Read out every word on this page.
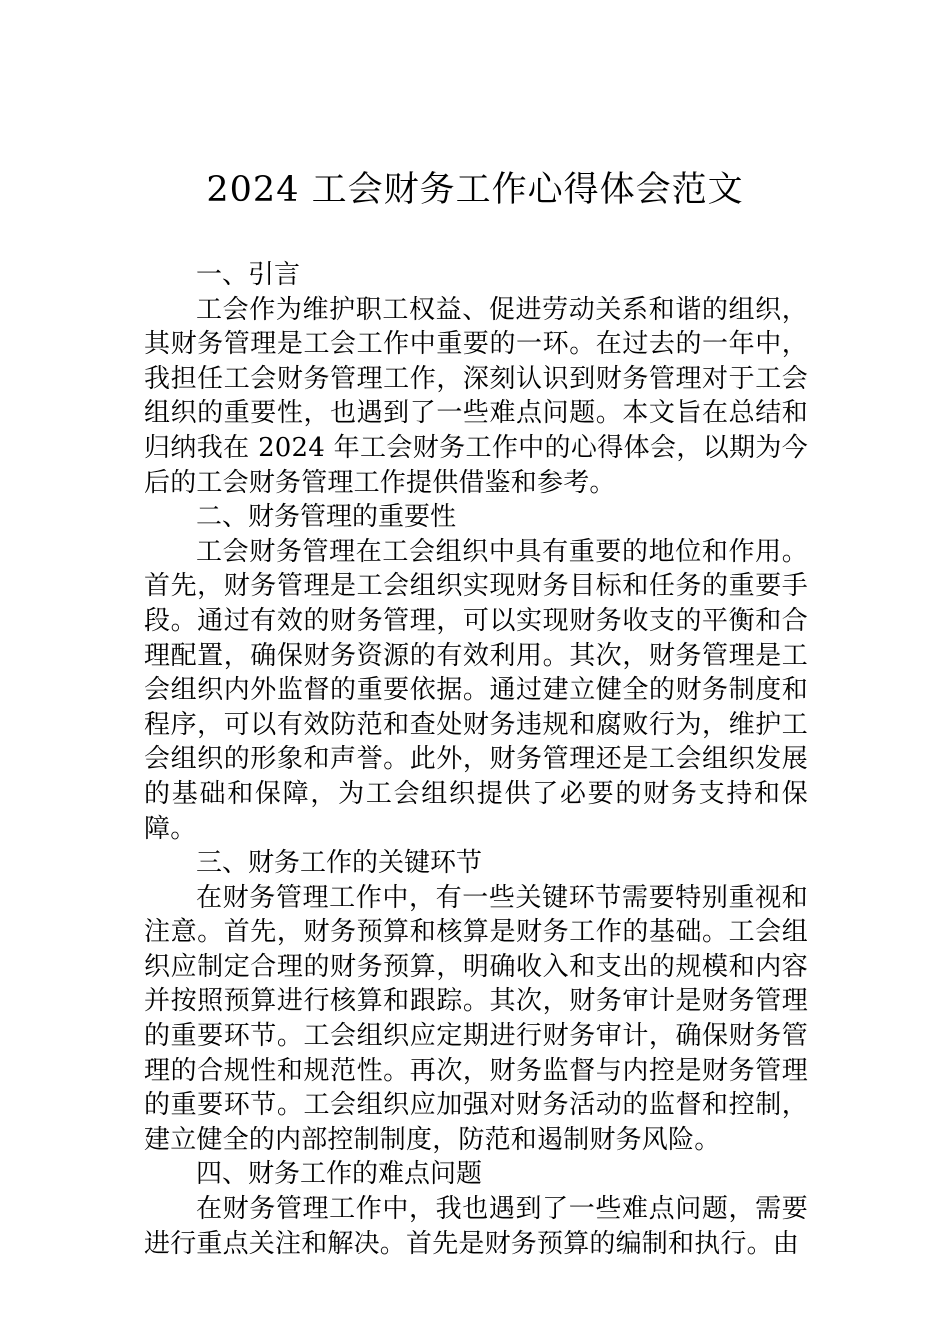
2024 工会财务工作心得体会范文

一、引言

工会作为维护职工权益、促进劳动关系和谐的组织，其财务管理是工会工作中重要的一环。在过去的一年中，我担任工会财务管理工作，深刻认识到财务管理对于工会组织的重要性，也遇到了一些难点问题。本文旨在总结和归纳我在 2024 年工会财务工作中的心得体会，以期为今后的工会财务管理工作提供借鉴和参考。

二、财务管理的重要性

工会财务管理在工会组织中具有重要的地位和作用。首先，财务管理是工会组织实现财务目标和任务的重要手段。通过有效的财务管理，可以实现财务收支的平衡和合理配置，确保财务资源的有效利用。其次，财务管理是工会组织内外监督的重要依据。通过建立健全的财务制度和程序，可以有效防范和查处财务违规和腐败行为，维护工会组织的形象和声誉。此外，财务管理还是工会组织发展的基础和保障，为工会组织提供了必要的财务支持和保障。

三、财务工作的关键环节

在财务管理工作中，有一些关键环节需要特别重视和注意。首先，财务预算和核算是财务工作的基础。工会组织应制定合理的财务预算，明确收入和支出的规模和内容并按照预算进行核算和跟踪。其次，财务审计是财务管理的重要环节。工会组织应定期进行财务审计，确保财务管理的合规性和规范性。再次，财务监督与内控是财务管理的重要环节。工会组织应加强对财务活动的监督和控制，建立健全的内部控制制度，防范和遏制财务风险。

四、财务工作的难点问题

在财务管理工作中，我也遇到了一些难点问题，需要进行重点关注和解决。首先是财务预算的编制和执行。由
